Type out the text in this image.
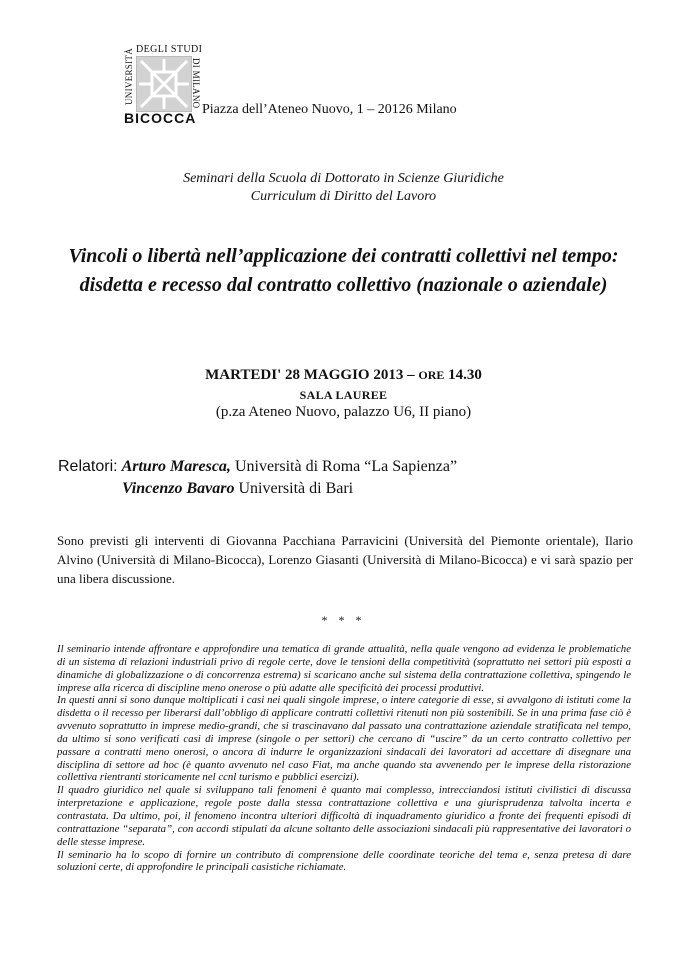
UNIVERSITÀ DEGLI STUDI
DI MILANO
BICOCCA
Piazza dell’Ateneo Nuovo, 1 – 20126 Milano
Seminari della Scuola di Dottorato in Scienze Giuridiche
Curriculum di Diritto del Lavoro
Vincoli o libertà nell’applicazione dei contratti collettivi nel tempo: disdetta e recesso dal contratto collettivo (nazionale o aziendale)
MARTEDI' 28 MAGGIO 2013 – ORE 14.30
SALA LAUREE
(p.za Ateneo Nuovo, palazzo U6, II piano)
Relatori: Arturo Maresca, Università di Roma “La Sapienza”
Vincenzo Bavaro Università di Bari
Sono previsti gli interventi di Giovanna Pacchiana Parravicini (Università del Piemonte orientale), Ilario Alvino (Università di Milano-Bicocca), Lorenzo Giasanti (Università di Milano-Bicocca) e vi sarà spazio per una libera discussione.
* * *

Il seminario intende affrontare e approfondire una tematica di grande attualità, nella quale vengono ad evidenza le problematiche di un sistema di relazioni industriali privo di regole certe, dove le tensioni della competitività (soprattutto nei settori più esposti a dinamiche di globalizzazione o di concorrenza estrema) si scaricano anche sul sistema della contrattazione collettiva, spingendo le imprese alla ricerca di discipline meno onerose o più adatte alle specificità dei processi produttivi.

In questi anni si sono dunque moltiplicati i casi nei quali singole imprese, o intere categorie di esse, si avvalgono di istituti come la disdetta o il recesso per liberarsi dall’obbligo di applicare contratti collettivi ritenuti non più sostenibili. Se in una prima fase ciò è avvenuto soprattutto in imprese medio-grandi, che si trascinavano dal passato una contrattazione aziendale stratificata nel tempo, da ultimo si sono verificati casi di imprese (singole o per settori) che cercano di “uscire” da un certo contratto collettivo per passare a contratti meno onerosi, o ancora di indurre le organizzazioni sindacali dei lavoratori ad accettare di disegnare una disciplina di settore ad hoc (è quanto avvenuto nel caso Fiat, ma anche quando sta avvenendo per le imprese della ristorazione collettiva rientranti storicamente nel ccnl turismo e pubblici esercizi).

Il quadro giuridico nel quale si sviluppano tali fenomeni è quanto mai complesso, intrecciandosi istituti civilistici di discussa interpretazione e applicazione, regole poste dalla stessa contrattazione collettiva e una giurisprudenza talvolta incerta e contrastata. Da ultimo, poi, il fenomeno incontra ulteriori difficoltà di inquadramento giuridico a fronte dei frequenti episodi di contrattazione “separata”, con accordi stipulati da alcune soltanto delle associazioni sindacali più rappresentative dei lavoratori o delle stesse imprese.

Il seminario ha lo scopo di fornire un contributo di comprensione delle coordinate teoriche del tema e, senza pretesa di dare soluzioni certe, di approfondire le principali casistiche richiamate.
